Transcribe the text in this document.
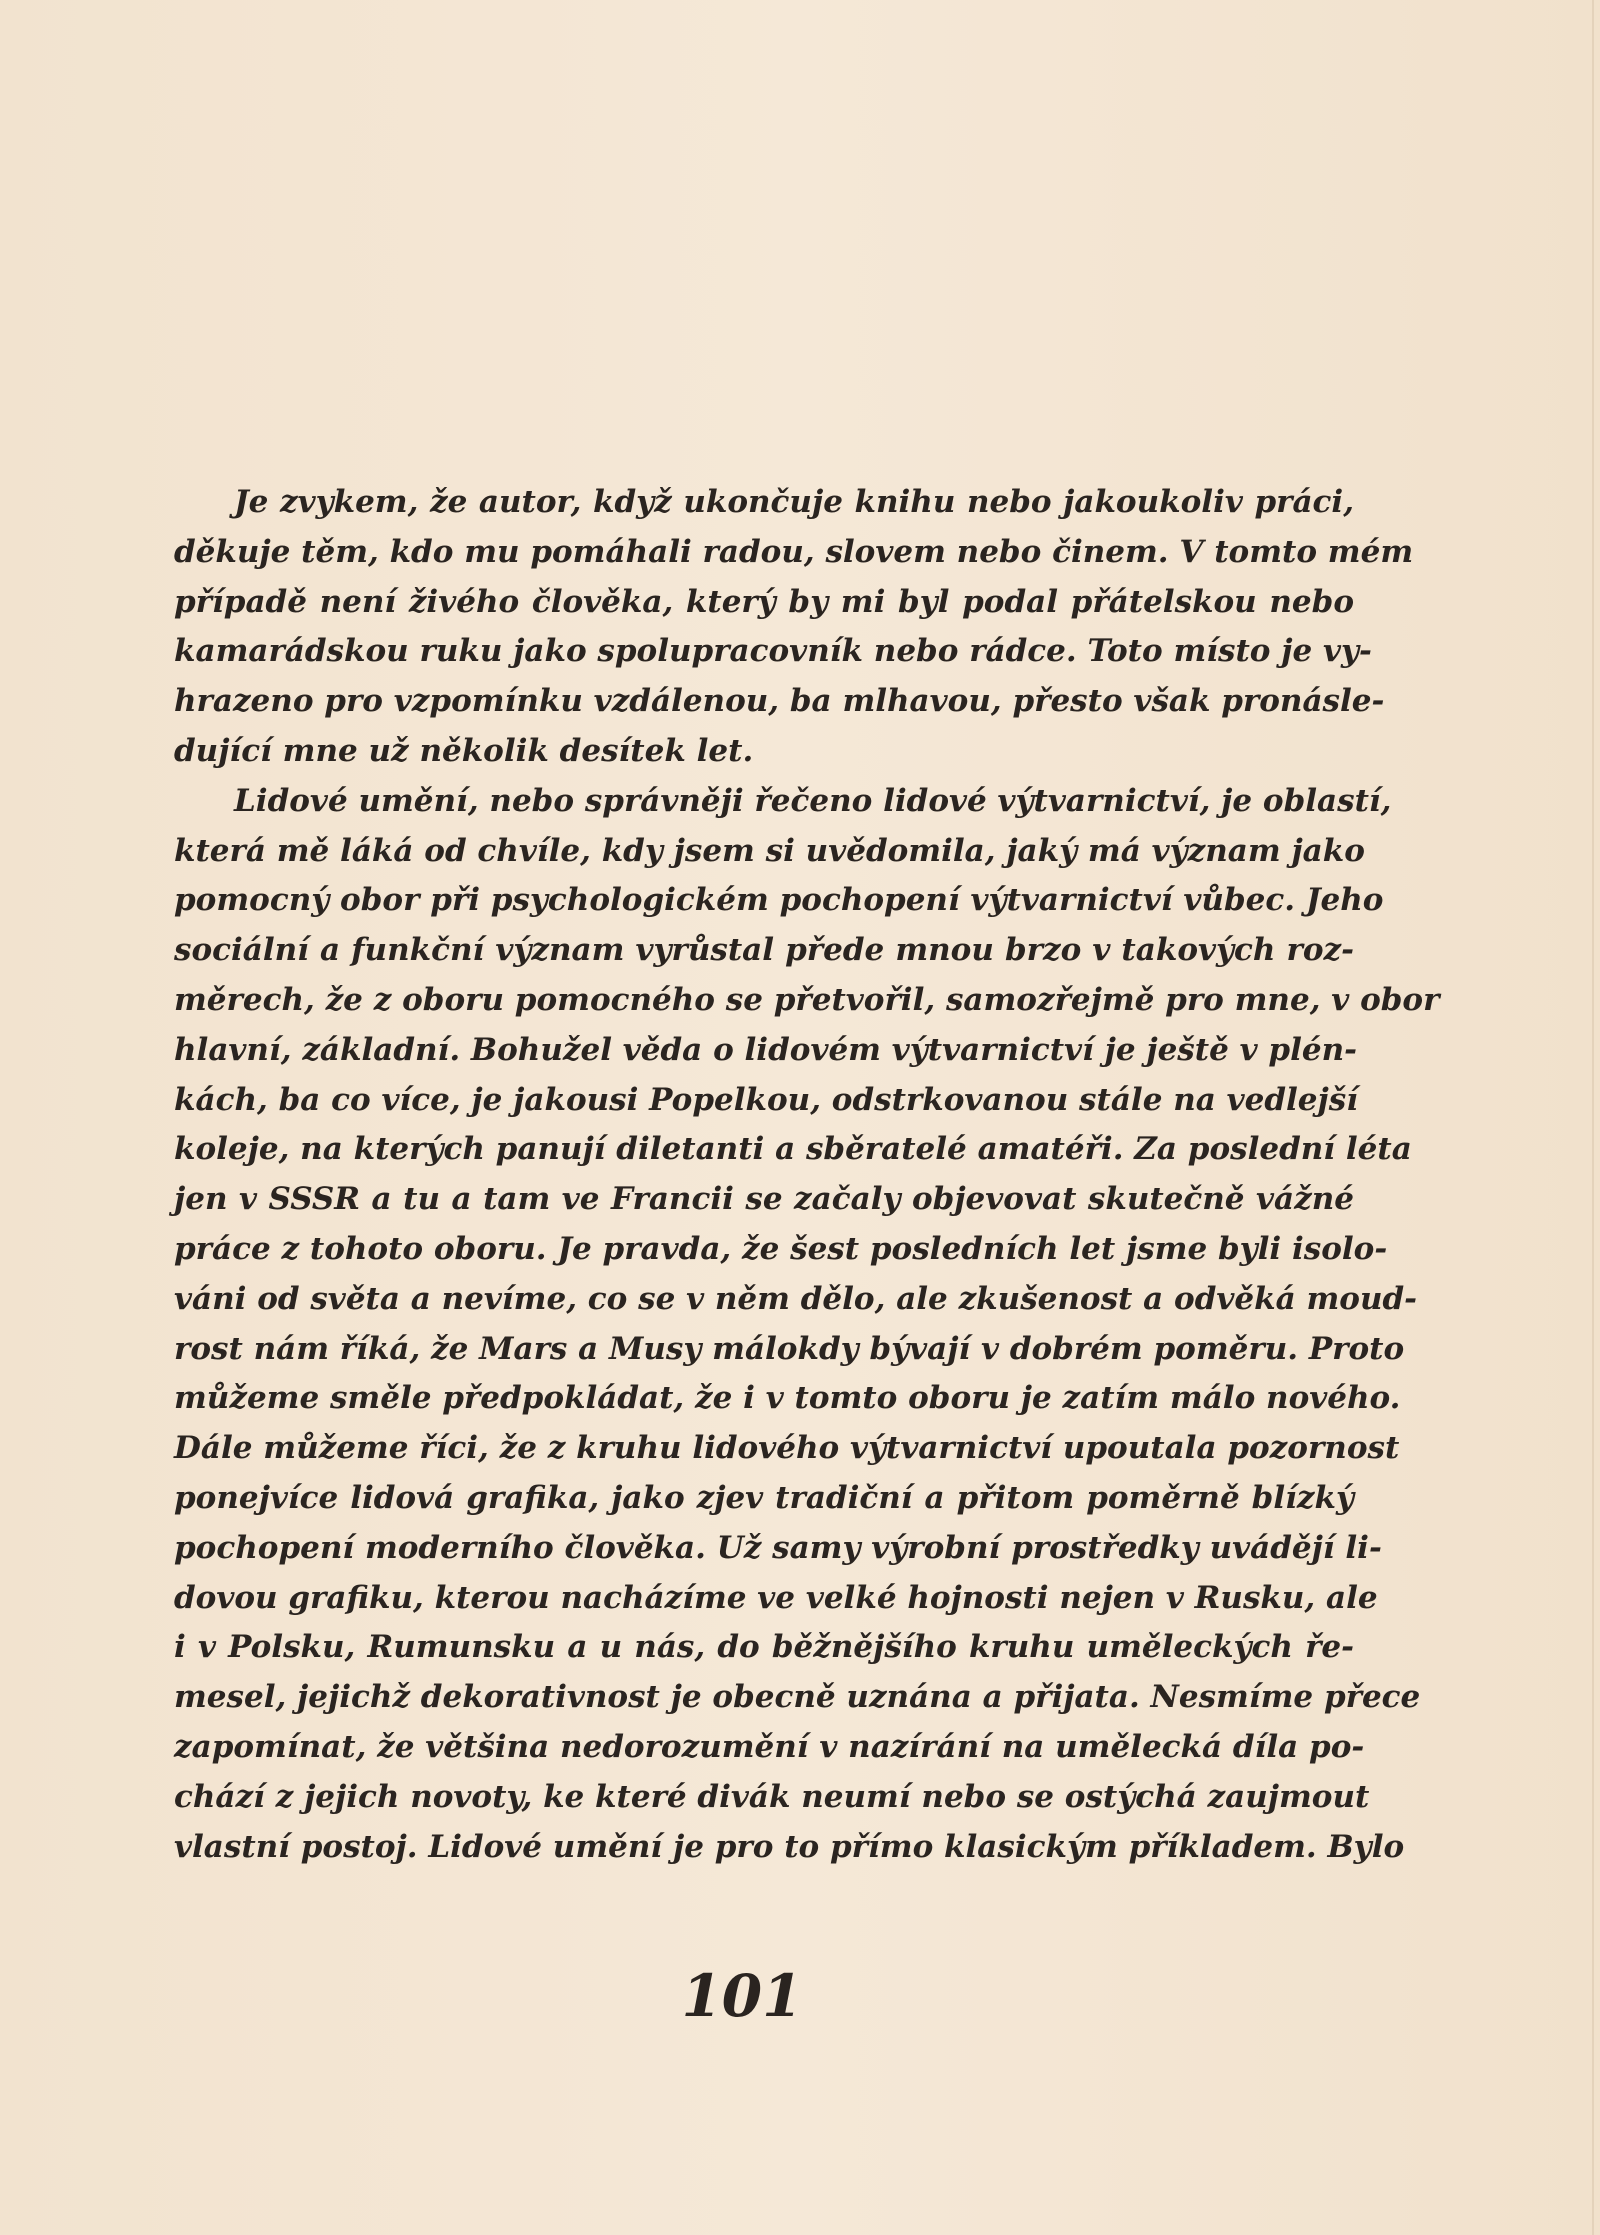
Je zvykem, že autor, když ukončuje knihu nebo jakoukoliv práci,
děkuje těm, kdo mu pomáhali radou, slovem nebo činem. V tomto mém
případě není živého člověka, který by mi byl podal přátelskou nebo
kamarádskou ruku jako spolupracovník nebo rádce. Toto místo je vy-
hrazeno pro vzpomínku vzdálenou, ba mlhavou, přesto však pronásle-
dující mne už několik desítek let.
Lidové umění, nebo správněji řečeno lidové výtvarnictví, je oblastí,
která mě láká od chvíle, kdy jsem si uvědomila, jaký má význam jako
pomocný obor při psychologickém pochopení výtvarnictví vůbec. Jeho
sociální a funkční význam vyrůstal přede mnou brzo v takových roz-
měrech, že z oboru pomocného se přetvořil, samozřejmě pro mne, v obor
hlavní, základní. Bohužel věda o lidovém výtvarnictví je ještě v plén-
kách, ba co více, je jakousi Popelkou, odstrkovanou stále na vedlejší
koleje, na kterých panují diletanti a sběratelé amatéři. Za poslední léta
jen v SSSR a tu a tam ve Francii se začaly objevovat skutečně vážné
práce z tohoto oboru. Je pravda, že šest posledních let jsme byli isolo-
váni od světa a nevíme, co se v něm dělo, ale zkušenost a odvěká moud-
rost nám říká, že Mars a Musy málokdy bývají v dobrém poměru. Proto
můžeme směle předpokládat, že i v tomto oboru je zatím málo nového.
Dále můžeme říci, že z kruhu lidového výtvarnictví upoutala pozornost
ponejvíce lidová grafika, jako zjev tradiční a přitom poměrně blízký
pochopení moderního člověka. Už samy výrobní prostředky uvádějí li-
dovou grafiku, kterou nacházíme ve velké hojnosti nejen v Rusku, ale
i v Polsku, Rumunsku a u nás, do běžnějšího kruhu uměleckých ře-
mesel, jejichž dekorativnost je obecně uznána a přijata. Nesmíme přece
zapomínat, že většina nedorozumění v nazírání na umělecká díla po-
chází z jejich novoty, ke které divák neumí nebo se ostýchá zaujmout
vlastní postoj. Lidové umění je pro to přímo klasickým příkladem. Bylo
101
